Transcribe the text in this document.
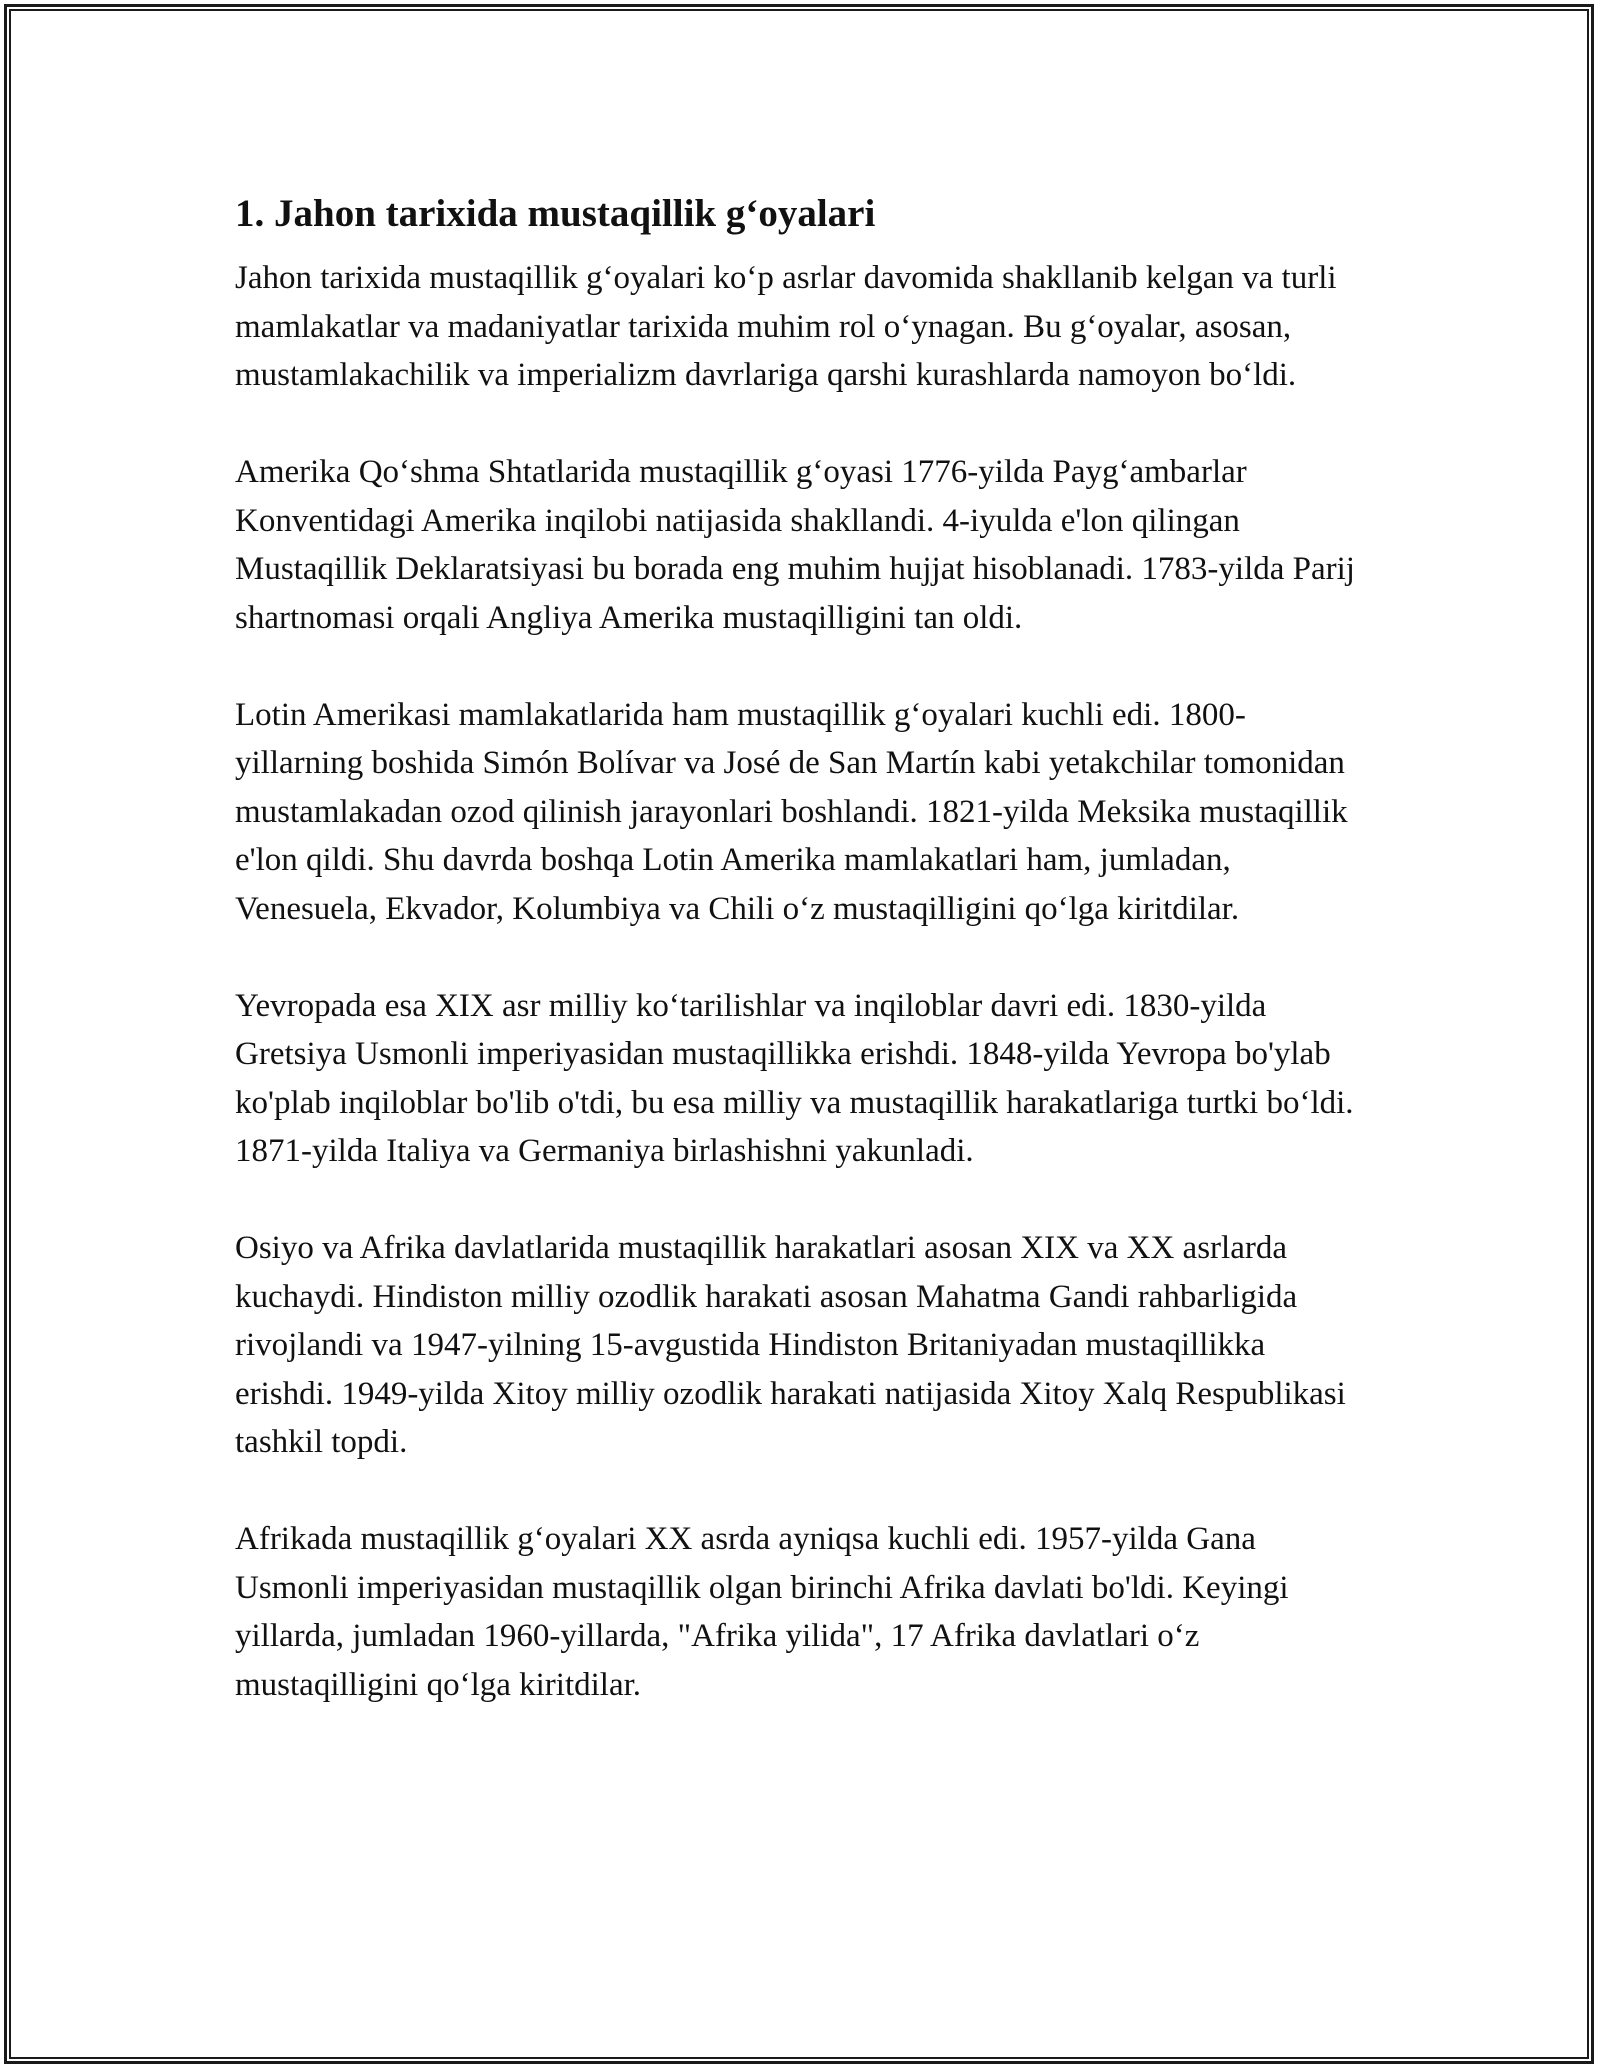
1. Jahon tarixida mustaqillik g‘oyalari

Jahon tarixida mustaqillik g‘oyalari ko‘p asrlar davomida shakllanib kelgan va turli mamlakatlar va madaniyatlar tarixida muhim rol o‘ynagan. Bu g‘oyalar, asosan, mustamlakachilik va imperializm davrlariga qarshi kurashlarda namoyon bo‘ldi.

Amerika Qo‘shma Shtatlarida mustaqillik g‘oyasi 1776-yilda Payg‘ambarlar Konventidagi Amerika inqilobi natijasida shakllandi. 4-iyulda e'lon qilingan Mustaqillik Deklaratsiyasi bu borada eng muhim hujjat hisoblanadi. 1783-yilda Parij shartnomasi orqali Angliya Amerika mustaqilligini tan oldi.

Lotin Amerikasi mamlakatlarida ham mustaqillik g‘oyalari kuchli edi. 1800-yillarning boshida Simón Bolívar va José de San Martín kabi yetakchilar tomonidan mustamlakadan ozod qilinish jarayonlari boshlandi. 1821-yilda Meksika mustaqillik e'lon qildi. Shu davrda boshqa Lotin Amerika mamlakatlari ham, jumladan, Venesuela, Ekvador, Kolumbiya va Chili o‘z mustaqilligini qo‘lga kiritdilar.

Yevropada esa XIX asr milliy ko‘tarilishlar va inqiloblar davri edi. 1830-yilda Gretsiya Usmonli imperiyasidan mustaqillikka erishdi. 1848-yilda Yevropa bo'ylab ko'plab inqiloblar bo'lib o'tdi, bu esa milliy va mustaqillik harakatlariga turtki bo‘ldi. 1871-yilda Italiya va Germaniya birlashishni yakunladi.

Osiyo va Afrika davlatlarida mustaqillik harakatlari asosan XIX va XX asrlarda kuchaydi. Hindiston milliy ozodlik harakati asosan Mahatma Gandi rahbarligida rivojlandi va 1947-yilning 15-avgustida Hindiston Britaniyadan mustaqillikka erishdi. 1949-yilda Xitoy milliy ozodlik harakati natijasida Xitoy Xalq Respublikasi tashkil topdi.

Afrikada mustaqillik g‘oyalari XX asrda ayniqsa kuchli edi. 1957-yilda Gana Usmonli imperiyasidan mustaqillik olgan birinchi Afrika davlati bo'ldi. Keyingi yillarda, jumladan 1960-yillarda, "Afrika yilida", 17 Afrika davlatlari o‘z mustaqilligini qo‘lga kiritdilar.
